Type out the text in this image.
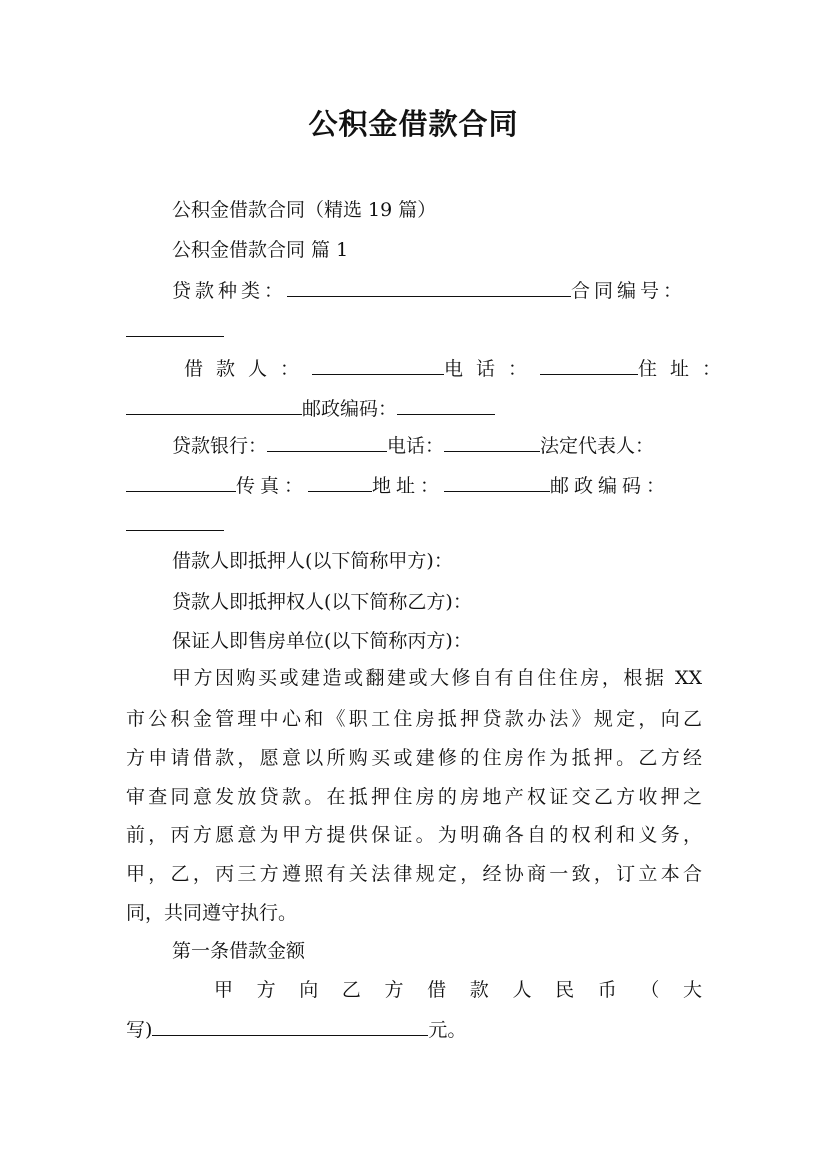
公积金借款合同
公积金借款合同（精选 19 篇）
公积金借款合同 篇 1
贷款种类：	合同编号：
借款人：	电话：	住址：
邮政编码：
贷款银行：	电话：	法定代表人：
传真：	地址：	邮政编码：
借款人即抵押人(以下简称甲方)：
贷款人即抵押权人(以下简称乙方)：
保证人即售房单位(以下简称丙方)：
甲方因购买或建造或翻建或大修自有自住住房，根据 XX
市公积金管理中心和《职工住房抵押贷款办法》规定，向乙
方申请借款，愿意以所购买或建修的住房作为抵押。乙方经
审查同意发放贷款。在抵押住房的房地产权证交乙方收押之
前，丙方愿意为甲方提供保证。为明确各自的权利和义务，
甲，乙，丙三方遵照有关法律规定，经协商一致，订立本合
同，共同遵守执行。
第一条借款金额
甲方向乙方借款人民币（大
写)	元。
